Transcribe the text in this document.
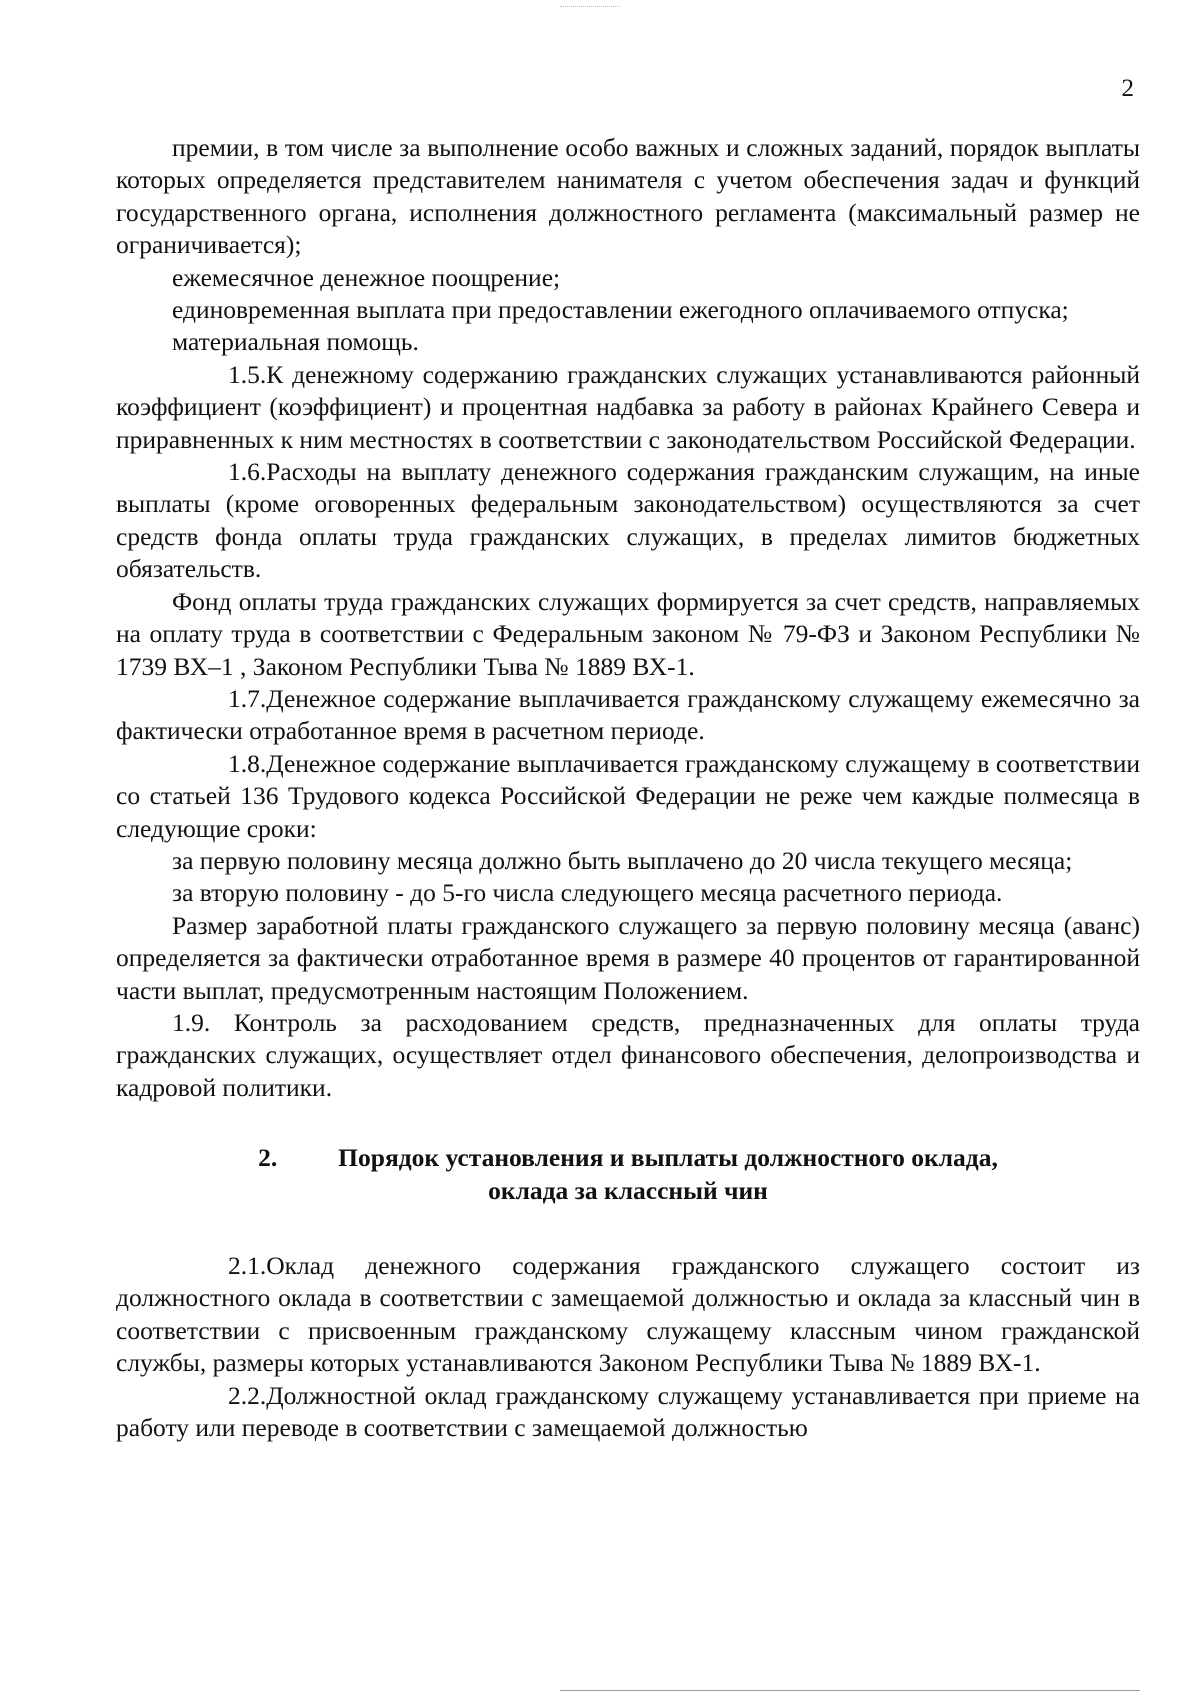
2

премии, в том числе за выполнение особо важных и сложных заданий, порядок выплаты которых определяется представителем нанимателя с учетом обеспечения задач и функций государственного органа, исполнения должностного регламента (максимальный размер не ограничивается);

ежемесячное денежное поощрение;

единовременная выплата при предоставлении ежегодного оплачиваемого отпуска;

материальная помощь.

1.5.К денежному содержанию гражданских служащих устанавливаются районный коэффициент (коэффициент) и процентная надбавка за работу в районах Крайнего Севера и приравненных к ним местностях в соответствии с законодательством Российской Федерации.

1.6.Расходы на выплату денежного содержания гражданским служащим, на иные выплаты (кроме оговоренных федеральным законодательством) осуществляются за счет средств фонда оплаты труда гражданских служащих, в пределах лимитов бюджетных обязательств.

Фонд оплаты труда гражданских служащих формируется за счет средств, направляемых на оплату труда в соответствии с Федеральным законом № 79-ФЗ и Законом Республики № 1739 ВХ–1 , Законом Республики Тыва № 1889 ВХ-1.

1.7.Денежное содержание выплачивается гражданскому служащему ежемесячно за фактически отработанное время в расчетном периоде.

1.8.Денежное содержание выплачивается гражданскому служащему в соответствии со статьей 136 Трудового кодекса Российской Федерации не реже чем каждые полмесяца в следующие сроки:

за первую половину месяца должно быть выплачено до 20 числа текущего месяца;

за вторую половину - до 5-го числа следующего месяца расчетного периода.

Размер заработной платы гражданского служащего за первую половину месяца (аванс) определяется за фактически отработанное время в размере 40 процентов от гарантированной части выплат, предусмотренным настоящим Положением.

1.9. Контроль за расходованием средств, предназначенных для оплаты труда гражданских служащих, осуществляет отдел финансового обеспечения, делопроизводства и кадровой политики.

2. Порядок установления и выплаты должностного оклада,
оклада за классный чин

2.1.Оклад денежного содержания гражданского служащего состоит из должностного оклада в соответствии с замещаемой должностью и оклада за классный чин в соответствии с присвоенным гражданскому служащему классным чином гражданской службы, размеры которых устанавливаются Законом Республики Тыва № 1889 ВХ-1.

2.2.Должностной оклад гражданскому служащему устанавливается при приеме на работу или переводе в соответствии с замещаемой должностью
